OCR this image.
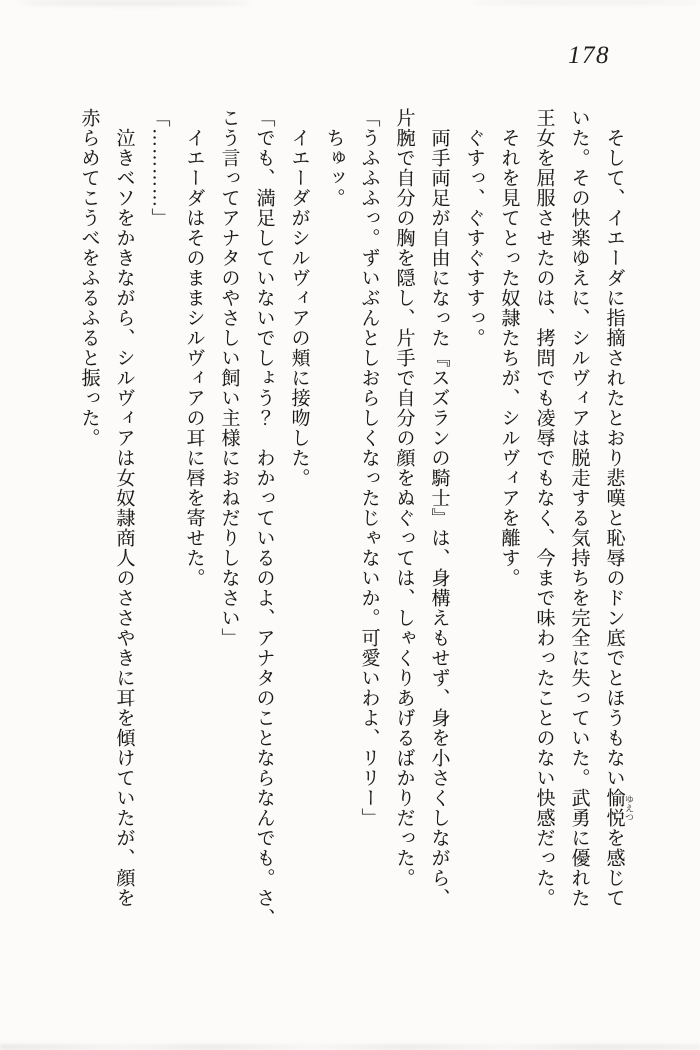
178

そして、イエーダに指摘されたとおり悲嘆と恥辱のドン底でとほうもない愉悦 ゆえつを感じて

いた。その快楽ゆえに、シルヴィアは脱走する気持ちを完全に失っていた。武勇に優れた

王女を屈服させたのは、拷問でも凌辱でもなく、今まで味わったことのない快感だった。

それを見てとった奴隷たちが、シルヴィアを離す。

ぐすっ、ぐすぐすすっ。

両手両足が自由になった『スズランの騎士』は、身構えもせず、身を小さくしながら、

片腕で自分の胸を隠し、片手で自分の顔をぬぐっては、しゃくりあげるばかりだった。

「うふふふっ。ずいぶんとしおらしくなったじゃないか。可愛いわよ、リリー」

ちゅッ。

イエーダがシルヴィアの頬に接吻した。

「でも、満足していないでしょう？　わかっているのよ、アナタのことならなんでも。さ、

こう言ってアナタのやさしい飼い主様におねだりしなさい」

イエーダはそのままシルヴィアの耳に唇を寄せた。

「…………」

泣きベソをかきながら、シルヴィアは女奴隷商人のささやきに耳を傾けていたが、顔を

赤らめてこうべをふるふると振った。
